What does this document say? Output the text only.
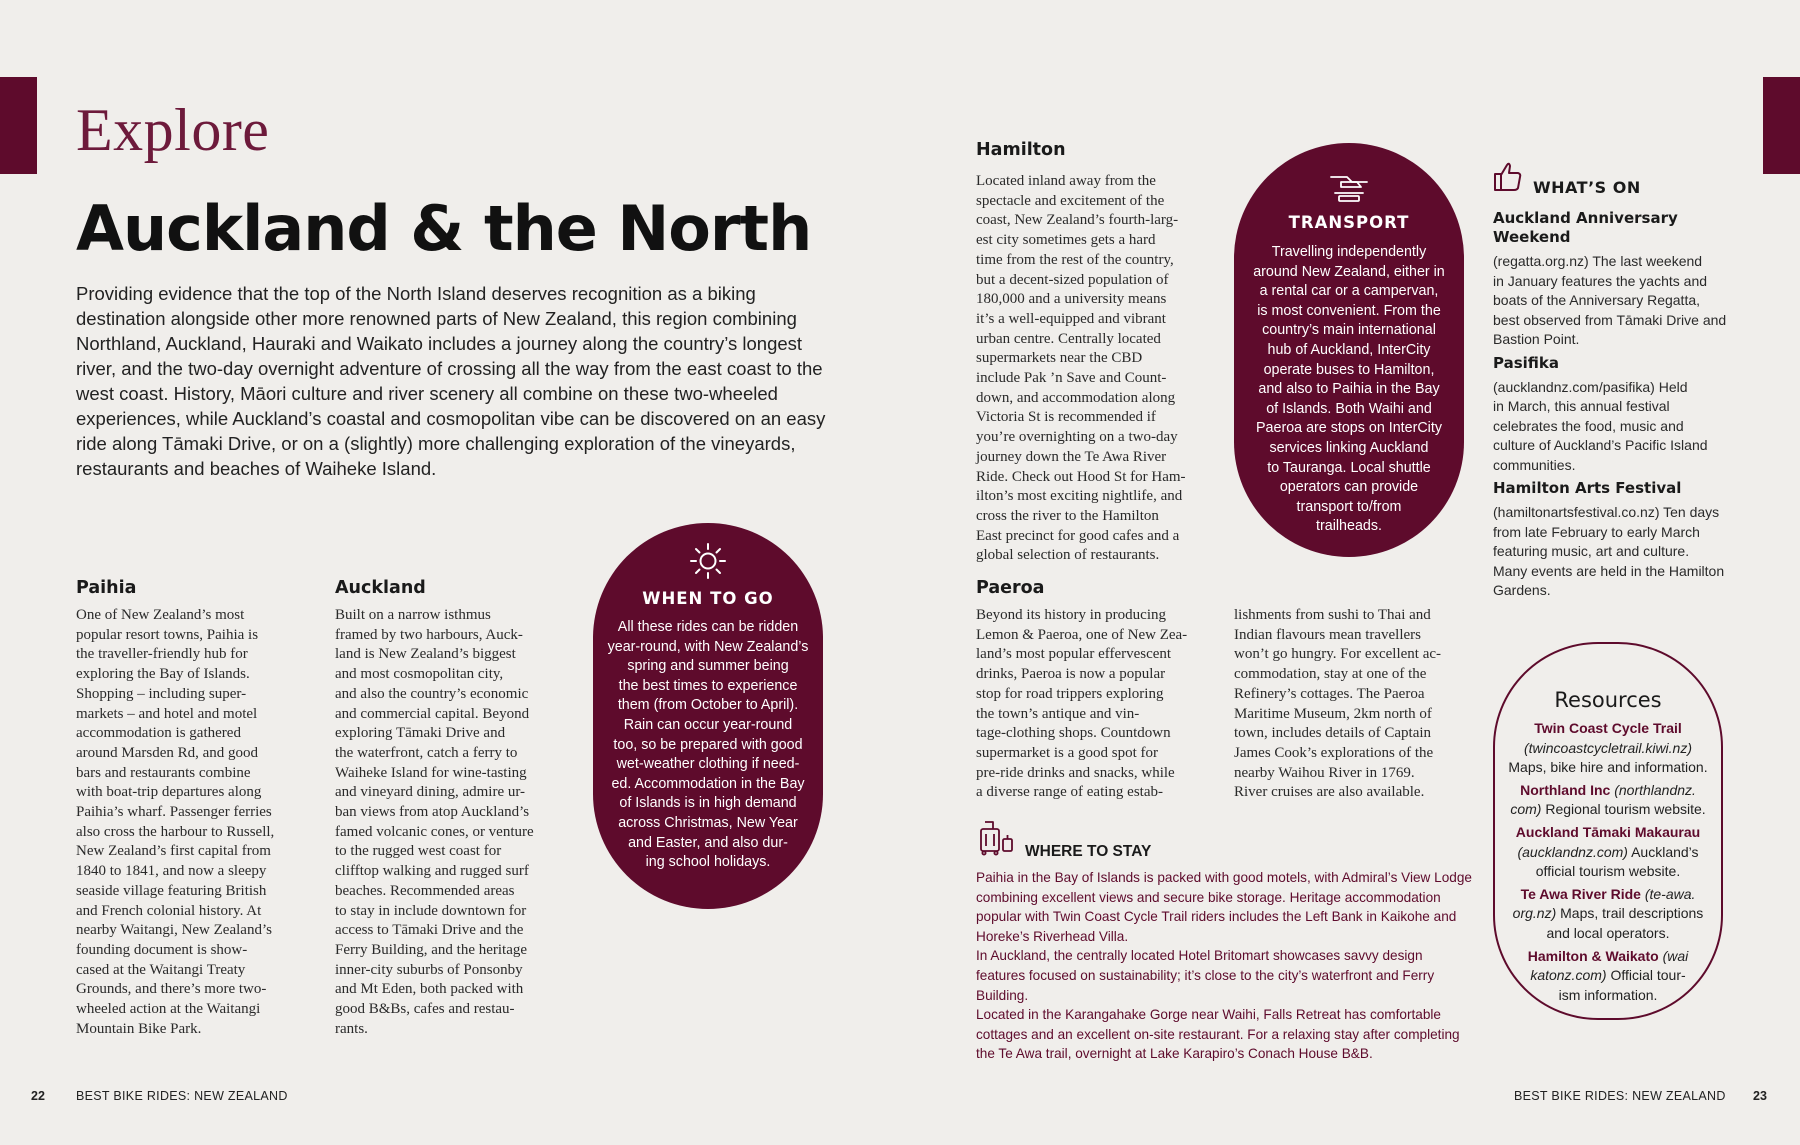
Explore
Auckland & the North
Providing evidence that the top of the North Island deserves recognition as a biking destination alongside other more renowned parts of New Zealand, this region combining Northland, Auckland, Hauraki and Waikato includes a journey along the country’s longest river, and the two-day overnight adventure of crossing all the way from the east coast to the west coast. History, Māori culture and river scenery all combine on these two-wheeled experiences, while Auckland’s coastal and cosmopolitan vibe can be discovered on an easy ride along Tāmaki Drive, or on a (slightly) more challenging exploration of the vineyards, restaurants and beaches of Waiheke Island.
Paihia
One of New Zealand’s most
popular resort towns, Paihia is
the traveller-friendly hub for
exploring the Bay of Islands.
Shopping – including super-
markets – and hotel and motel
accommodation is gathered
around Marsden Rd, and good
bars and restaurants combine
with boat-trip departures along
Paihia’s wharf. Passenger ferries
also cross the harbour to Russell,
New Zealand’s first capital from
1840 to 1841, and now a sleepy
seaside village featuring British
and French colonial history. At
nearby Waitangi, New Zealand’s
founding document is show-
cased at the Waitangi Treaty
Grounds, and there’s more two-
wheeled action at the Waitangi
Mountain Bike Park.
Auckland
Built on a narrow isthmus
framed by two harbours, Auck-
land is New Zealand’s biggest
and most cosmopolitan city,
and also the country’s economic
and commercial capital. Beyond
exploring Tāmaki Drive and
the waterfront, catch a ferry to
Waiheke Island for wine-tasting
and vineyard dining, admire ur-
ban views from atop Auckland’s
famed volcanic cones, or venture
to the rugged west coast for
clifftop walking and rugged surf
beaches. Recommended areas
to stay in include downtown for
access to Tāmaki Drive and the
Ferry Building, and the heritage
inner-city suburbs of Ponsonby
and Mt Eden, both packed with
good B&Bs, cafes and restau-
rants.
WHEN TO GO
All these rides can be ridden
year-round, with New Zealand’s
spring and summer being
the best times to experience
them (from October to April).
Rain can occur year-round
too, so be prepared with good
wet-weather clothing if need-
ed. Accommodation in the Bay
of Islands is in high demand
across Christmas, New Year
and Easter, and also dur-
ing school holidays.
22 BEST BIKE RIDES: NEW ZEALAND
Hamilton
Located inland away from the
spectacle and excitement of the
coast, New Zealand’s fourth-larg-
est city sometimes gets a hard
time from the rest of the country,
but a decent-sized population of
180,000 and a university means
it’s a well-equipped and vibrant
urban centre. Centrally located
supermarkets near the CBD
include Pak ’n Save and Count-
down, and accommodation along
Victoria St is recommended if
you’re overnighting on a two-day
journey down the Te Awa River
Ride. Check out Hood St for Ham-
ilton’s most exciting nightlife, and
cross the river to the Hamilton
East precinct for good cafes and a
global selection of restaurants.
TRANSPORT
Travelling independently
around New Zealand, either in
a rental car or a campervan,
is most convenient. From the
country’s main international
hub of Auckland, InterCity
operate buses to Hamilton,
and also to Paihia in the Bay
of Islands. Both Waihi and
Paeroa are stops on InterCity
services linking Auckland
to Tauranga. Local shuttle
operators can provide
transport to/from
trailheads.
WHAT’S ON
Auckland Anniversary
Weekend
(regatta.org.nz) The last weekend
in January features the yachts and
boats of the Anniversary Regatta,
best observed from Tāmaki Drive and
Bastion Point.
Pasifika
(aucklandnz.com/pasifika) Held
in March, this annual festival
celebrates the food, music and
culture of Auckland’s Pacific Island
communities.
Hamilton Arts Festival
(hamiltonartsfestival.co.nz) Ten days
from late February to early March
featuring music, art and culture.
Many events are held in the Hamilton
Gardens.
Paeroa
Beyond its history in producing
Lemon & Paeroa, one of New Zea-
land’s most popular effervescent
drinks, Paeroa is now a popular
stop for road trippers exploring
the town’s antique and vin-
tage-clothing shops. Countdown
supermarket is a good spot for
pre-ride drinks and snacks, while
a diverse range of eating estab-
lishments from sushi to Thai and
Indian flavours mean travellers
won’t go hungry. For excellent ac-
commodation, stay at one of the
Refinery’s cottages. The Paeroa
Maritime Museum, 2km north of
town, includes details of Captain
James Cook’s explorations of the
nearby Waihou River in 1769.
River cruises are also available.
WHERE TO STAY
Paihia in the Bay of Islands is packed with good motels, with Admiral’s View Lodge
combining excellent views and secure bike storage. Heritage accommodation
popular with Twin Coast Cycle Trail riders includes the Left Bank in Kaikohe and
Horeke’s Riverhead Villa.
In Auckland, the centrally located Hotel Britomart showcases savvy design
features focused on sustainability; it’s close to the city’s waterfront and Ferry
Building.
Located in the Karangahake Gorge near Waihi, Falls Retreat has comfortable
cottages and an excellent on-site restaurant. For a relaxing stay after completing
the Te Awa trail, overnight at Lake Karapiro’s Conach House B&B.
Resources
Twin Coast Cycle Trail
(twincoastcycletrail.kiwi.nz)
Maps, bike hire and information.
Northland Inc (northlandnz.
com) Regional tourism website.
Auckland Tāmaki Makaurau
(aucklandnz.com) Auckland’s
official tourism website.
Te Awa River Ride (te-awa.
org.nz) Maps, trail descriptions
and local operators.
Hamilton & Waikato (wai
katonz.com) Official tour-
ism information.
BEST BIKE RIDES: NEW ZEALAND 23
